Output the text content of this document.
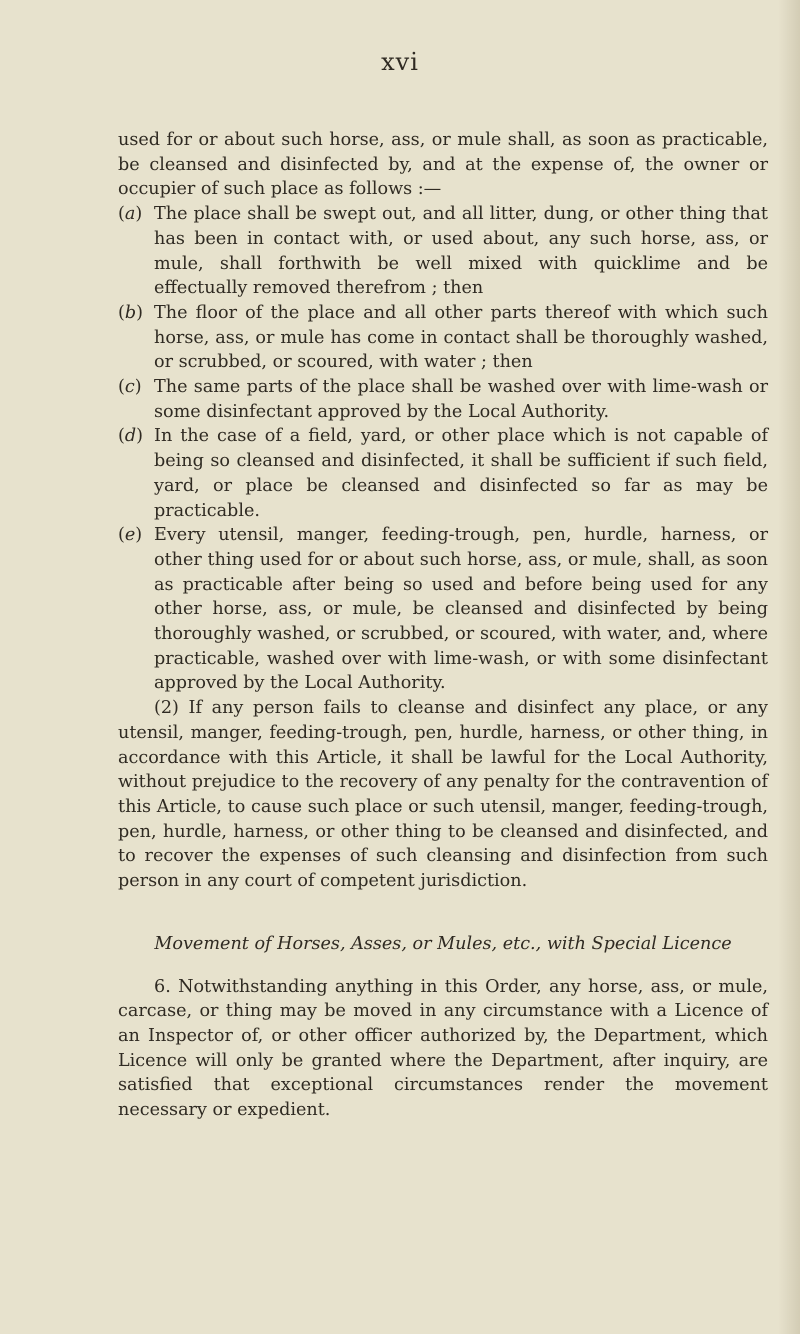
xvi

used for or about such horse, ass, or mule shall, as soon as practicable, be cleansed and disinfected by, and at the expense of, the owner or occupier of such place as follows :—

(a) The place shall be swept out, and all litter, dung, or other thing that has been in contact with, or used about, any such horse, ass, or mule, shall forthwith be well mixed with quicklime and be effectually removed therefrom ; then

(b) The floor of the place and all other parts thereof with which such horse, ass, or mule has come in contact shall be thoroughly washed, or scrubbed, or scoured, with water ; then

(c) The same parts of the place shall be washed over with lime-wash or some disinfectant approved by the Local Authority.

(d) In the case of a field, yard, or other place which is not capable of being so cleansed and disinfected, it shall be sufficient if such field, yard, or place be cleansed and disinfected so far as may be practicable.

(e) Every utensil, manger, feeding-trough, pen, hurdle, harness, or other thing used for or about such horse, ass, or mule, shall, as soon as practicable after being so used and before being used for any other horse, ass, or mule, be cleansed and disinfected by being thoroughly washed, or scrubbed, or scoured, with water, and, where practicable, washed over with lime-wash, or with some disinfectant approved by the Local Authority.

(2) If any person fails to cleanse and disinfect any place, or any utensil, manger, feeding-trough, pen, hurdle, harness, or other thing, in accordance with this Article, it shall be lawful for the Local Authority, without prejudice to the recovery of any penalty for the contravention of this Article, to cause such place or such utensil, manger, feeding-trough, pen, hurdle, harness, or other thing to be cleansed and disinfected, and to recover the expenses of such cleansing and disinfection from such person in any court of competent jurisdiction.

Movement of Horses, Asses, or Mules, etc., with Special Licence

6. Notwithstanding anything in this Order, any horse, ass, or mule, carcase, or thing may be moved in any circumstance with a Licence of an Inspector of, or other officer authorized by, the Department, which Licence will only be granted where the Department, after inquiry, are satisfied that exceptional circumstances render the movement necessary or expedient.
